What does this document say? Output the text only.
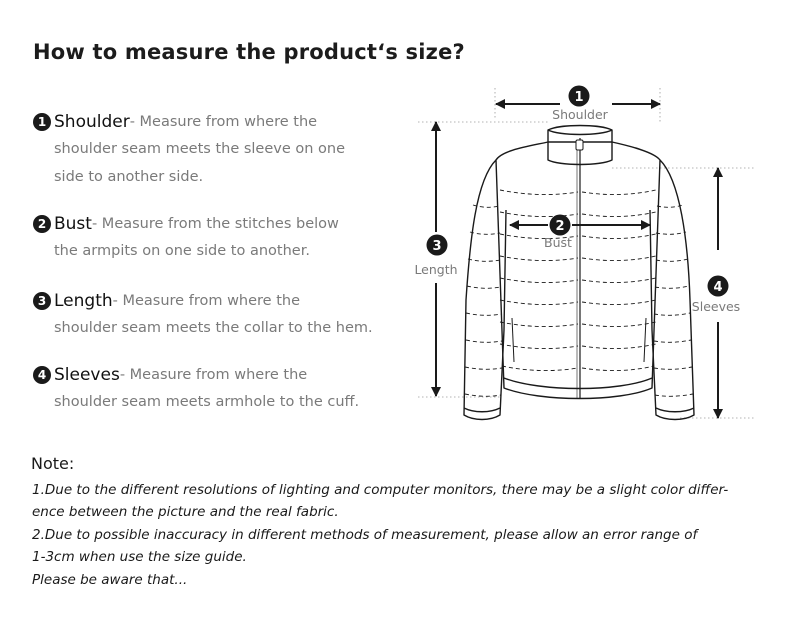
How to measure the product‘s size?
1 Shoulder - Measure from where the
shoulder seam meets the sleeve on one
side to another side.
2 Bust - Measure from the stitches below
the armpits on one side to another.
3 Length - Measure from where the
shoulder seam meets the collar to the hem.
4 Sleeves - Measure from where the
shoulder seam meets armhole to the cuff.
1
2
3
4
Shoulder
Bust
Length
Sleeves
Note:
1.Due to the different resolutions of lighting and computer monitors, there may be a slight color differ-
ence between the picture and the real fabric.
2.Due to possible inaccuracy in different methods of measurement, please allow an error range of
1-3cm when use the size guide.
Please be aware that...
